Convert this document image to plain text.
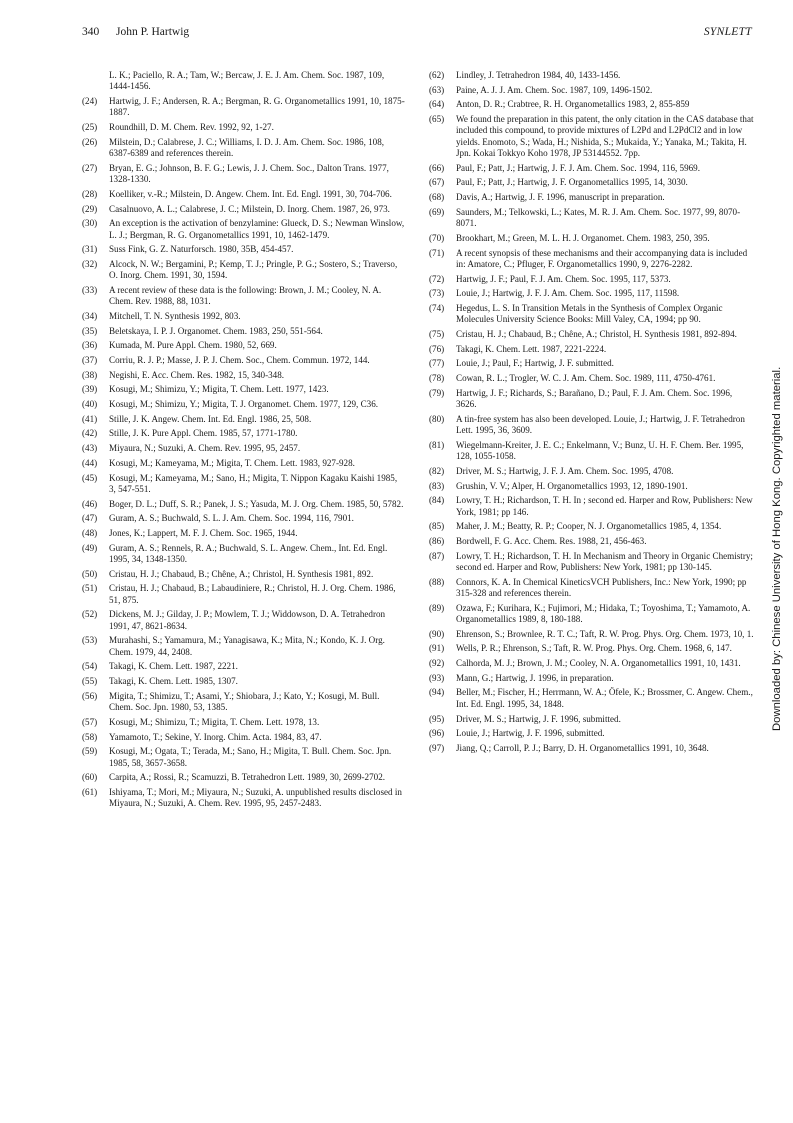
340 John P. Hartwig	SYNLETT
L. K.; Paciello, R. A.; Tam, W.; Bercaw, J. E. J. Am. Chem. Soc. 1987, 109, 1444-1456.
(24) Hartwig, J. F.; Andersen, R. A.; Bergman, R. G. Organometallics 1991, 10, 1875-1887.
(25) Roundhill, D. M. Chem. Rev. 1992, 92, 1-27.
(26) Milstein, D.; Calabrese, J. C.; Williams, I. D. J. Am. Chem. Soc. 1986, 108, 6387-6389 and references therein.
(27) Bryan, E. G.; Johnson, B. F. G.; Lewis, J. J. Chem. Soc., Dalton Trans. 1977, 1328-1330.
(28) Koelliker, v.-R.; Milstein, D. Angew. Chem. Int. Ed. Engl. 1991, 30, 704-706.
(29) Casalnuovo, A. L.; Calabrese, J. C.; Milstein, D. Inorg. Chem. 1987, 26, 973.
(30) An exception is the activation of benzylamine: Glueck, D. S.; Newman Winslow, L. J.; Bergman, R. G. Organometallics 1991, 10, 1462-1479.
(31) Suss Fink, G. Z. Naturforsch. 1980, 35B, 454-457.
(32) Alcock, N. W.; Bergamini, P.; Kemp, T. J.; Pringle, P. G.; Sostero, S.; Traverso, O. Inorg. Chem. 1991, 30, 1594.
(33) A recent review of these data is the following: Brown, J. M.; Cooley, N. A. Chem. Rev. 1988, 88, 1031.
(34) Mitchell, T. N. Synthesis 1992, 803.
(35) Beletskaya, I. P. J. Organomet. Chem. 1983, 250, 551-564.
(36) Kumada, M. Pure Appl. Chem. 1980, 52, 669.
(37) Corriu, R. J. P.; Masse, J. P. J. Chem. Soc., Chem. Commun. 1972, 144.
(38) Negishi, E. Acc. Chem. Res. 1982, 15, 340-348.
(39) Kosugi, M.; Shimizu, Y.; Migita, T. Chem. Lett. 1977, 1423.
(40) Kosugi, M.; Shimizu, Y.; Migita, T. J. Organomet. Chem. 1977, 129, C36.
(41) Stille, J. K. Angew. Chem. Int. Ed. Engl. 1986, 25, 508.
(42) Stille, J. K. Pure Appl. Chem. 1985, 57, 1771-1780.
(43) Miyaura, N.; Suzuki, A. Chem. Rev. 1995, 95, 2457.
(44) Kosugi, M.; Kameyama, M.; Migita, T. Chem. Lett. 1983, 927-928.
(45) Kosugi, M.; Kameyama, M.; Sano, H.; Migita, T. Nippon Kagaku Kaishi 1985, 3, 547-551.
(46) Boger, D. L.; Duff, S. R.; Panek, J. S.; Yasuda, M. J. Org. Chem. 1985, 50, 5782.
(47) Guram, A. S.; Buchwald, S. L. J. Am. Chem. Soc. 1994, 116, 7901.
(48) Jones, K.; Lappert, M. F. J. Chem. Soc. 1965, 1944.
(49) Guram, A. S.; Rennels, R. A.; Buchwald, S. L. Angew. Chem., Int. Ed. Engl. 1995, 34, 1348-1350.
(50) Cristau, H. J.; Chabaud, B.; Chêne, A.; Christol, H. Synthesis 1981, 892.
(51) Cristau, H. J.; Chabaud, B.; Labaudiniere, R.; Christol, H. J. Org. Chem. 1986, 51, 875.
(52) Dickens, M. J.; Gilday, J. P.; Mowlem, T. J.; Widdowson, D. A. Tetrahedron 1991, 47, 8621-8634.
(53) Murahashi, S.; Yamamura, M.; Yanagisawa, K.; Mita, N.; Kondo, K. J. Org. Chem. 1979, 44, 2408.
(54) Takagi, K. Chem. Lett. 1987, 2221.
(55) Takagi, K. Chem. Lett. 1985, 1307.
(56) Migita, T.; Shimizu, T.; Asami, Y.; Shiobara, J.; Kato, Y.; Kosugi, M. Bull. Chem. Soc. Jpn. 1980, 53, 1385.
(57) Kosugi, M.; Shimizu, T.; Migita, T. Chem. Lett. 1978, 13.
(58) Yamamoto, T.; Sekine, Y. Inorg. Chim. Acta. 1984, 83, 47.
(59) Kosugi, M.; Ogata, T.; Terada, M.; Sano, H.; Migita, T. Bull. Chem. Soc. Jpn. 1985, 58, 3657-3658.
(60) Carpita, A.; Rossi, R.; Scamuzzi, B. Tetrahedron Lett. 1989, 30, 2699-2702.
(61) Ishiyama, T.; Mori, M.; Miyaura, N.; Suzuki, A. unpublished results disclosed in Miyaura, N.; Suzuki, A. Chem. Rev. 1995, 95, 2457-2483.
(62) Lindley, J. Tetrahedron 1984, 40, 1433-1456.
(63) Paine, A. J. J. Am. Chem. Soc. 1987, 109, 1496-1502.
(64) Anton, D. R.; Crabtree, R. H. Organometallics 1983, 2, 855-859
(65) We found the preparation in this patent, the only citation in the CAS database that included this compound, to provide mixtures of L2Pd and L2PdCl2 and in low yields. Enomoto, S.; Wada, H.; Nishida, S.; Mukaida, Y.; Yanaka, M.; Takita, H. Jpn. Kokai Tokkyo Koho 1978, JP 53144552. 7pp.
(66) Paul, F.; Patt, J.; Hartwig, J. F. J. Am. Chem. Soc. 1994, 116, 5969.
(67) Paul, F.; Patt, J.; Hartwig, J. F. Organometallics 1995, 14, 3030.
(68) Davis, A.; Hartwig, J. F. 1996, manuscript in preparation.
(69) Saunders, M.; Telkowski, L.; Kates, M. R. J. Am. Chem. Soc. 1977, 99, 8070-8071.
(70) Brookhart, M.; Green, M. L. H. J. Organomet. Chem. 1983, 250, 395.
(71) A recent synopsis of these mechanisms and their accompanying data is included in: Amatore, C.; Pfluger, F. Organometallics 1990, 9, 2276-2282.
(72) Hartwig, J. F.; Paul, F. J. Am. Chem. Soc. 1995, 117, 5373.
(73) Louie, J.; Hartwig, J. F. J. Am. Chem. Soc. 1995, 117, 11598.
(74) Hegedus, L. S. In Transition Metals in the Synthesis of Complex Organic Molecules University Science Books: Mill Valey, CA, 1994; pp 90.
(75) Cristau, H. J.; Chabaud, B.; Chêne, A.; Christol, H. Synthesis 1981, 892-894.
(76) Takagi, K. Chem. Lett. 1987, 2221-2224.
(77) Louie, J.; Paul, F.; Hartwig, J. F. submitted.
(78) Cowan, R. L.; Trogler, W. C. J. Am. Chem. Soc. 1989, 111, 4750-4761.
(79) Hartwig, J. F.; Richards, S.; Barañano, D.; Paul, F. J. Am. Chem. Soc. 1996, 3626.
(80) A tin-free system has also been developed. Louie, J.; Hartwig, J. F. Tetrahedron Lett. 1995, 36, 3609.
(81) Wiegelmann-Kreiter, J. E. C.; Enkelmann, V.; Bunz, U. H. F. Chem. Ber. 1995, 128, 1055-1058.
(82) Driver, M. S.; Hartwig, J. F. J. Am. Chem. Soc. 1995, 4708.
(83) Grushin, V. V.; Alper, H. Organometallics 1993, 12, 1890-1901.
(84) Lowry, T. H.; Richardson, T. H. In ; second ed. Harper and Row, Publishers: New York, 1981; pp 146.
(85) Maher, J. M.; Beatty, R. P.; Cooper, N. J. Organometallics 1985, 4, 1354.
(86) Bordwell, F. G. Acc. Chem. Res. 1988, 21, 456-463.
(87) Lowry, T. H.; Richardson, T. H. In Mechanism and Theory in Organic Chemistry; second ed. Harper and Row, Publishers: New York, 1981; pp 130-145.
(88) Connors, K. A. In Chemical KineticsVCH Publishers, Inc.: New York, 1990; pp 315-328 and references therein.
(89) Ozawa, F.; Kurihara, K.; Fujimori, M.; Hidaka, T.; Toyoshima, T.; Yamamoto, A. Organometallics 1989, 8, 180-188.
(90) Ehrenson, S.; Brownlee, R. T. C.; Taft, R. W. Prog. Phys. Org. Chem. 1973, 10, 1.
(91) Wells, P. R.; Ehrenson, S.; Taft, R. W. Prog. Phys. Org. Chem. 1968, 6, 147.
(92) Calhorda, M. J.; Brown, J. M.; Cooley, N. A. Organometallics 1991, 10, 1431.
(93) Mann, G.; Hartwig, J. 1996, in preparation.
(94) Beller, M.; Fischer, H.; Herrmann, W. A.; Öfele, K.; Brossmer, C. Angew. Chem., Int. Ed. Engl. 1995, 34, 1848.
(95) Driver, M. S.; Hartwig, J. F. 1996, submitted.
(96) Louie, J.; Hartwig, J. F. 1996, submitted.
(97) Jiang, Q.; Carroll, P. J.; Barry, D. H. Organometallics 1991, 10, 3648.
Downloaded by: Chinese University of Hong Kong. Copyrighted material.
